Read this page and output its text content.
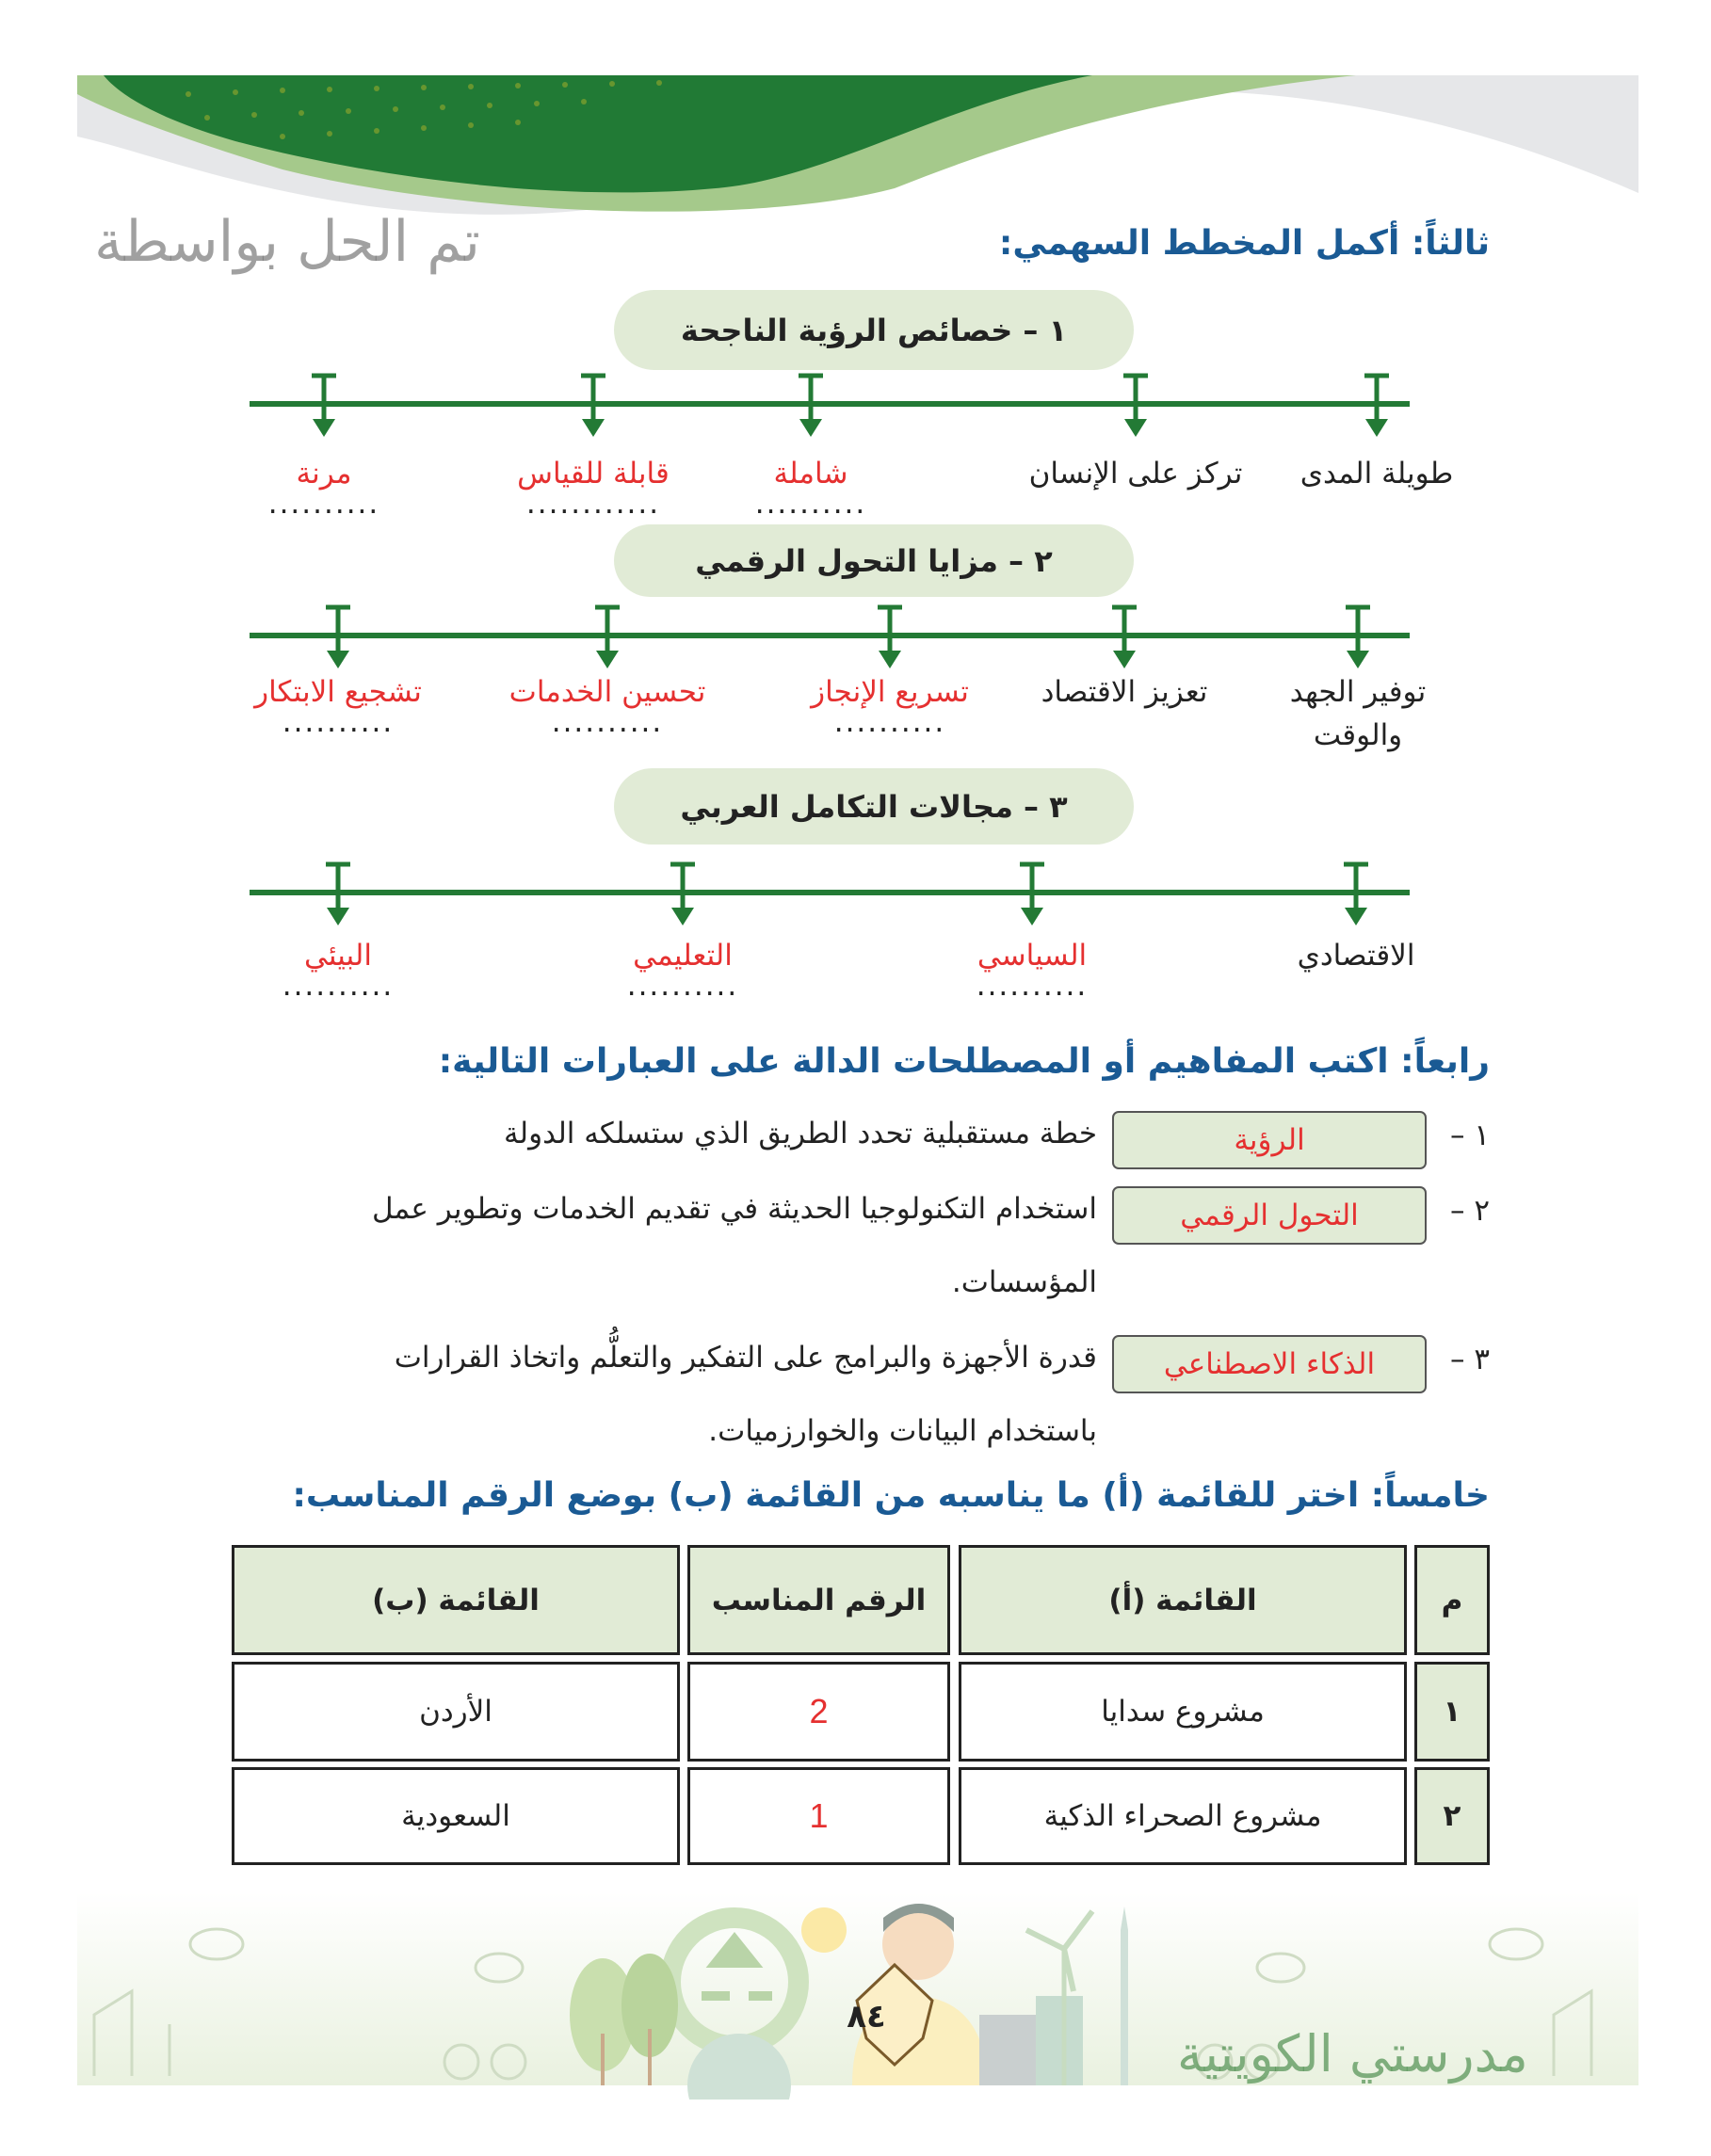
ثالثاً: أكمل المخطط السهمي:
تم الحل بواسطة
١ – خصائص الرؤية الناجحة
٢ – مزايا التحول الرقمي
٣ – مجالات التكامل العربي
طويلة المدى
تركز على الإنسان
شاملة
..........
قابلة للقياس
............
مرنة
..........
توفير الجهد
والوقت
تعزيز الاقتصاد
تسريع الإنجاز
..........
تحسين الخدمات
..........
تشجيع الابتكار
..........
الاقتصادي
السياسي
..........
التعليمي
..........
البيئي
..........
رابعاً: اكتب المفاهيم أو المصطلحات الدالة على العبارات التالية:
١ –
الرؤية
خطة مستقبلية تحدد الطريق الذي ستسلكه الدولة
٢ –
التحول الرقمي
استخدام التكنولوجيا الحديثة في تقديم الخدمات وتطوير عمل
المؤسسات.
٣ –
الذكاء الاصطناعي
قدرة الأجهزة والبرامج على التفكير والتعلُّم واتخاذ القرارات
باستخدام البيانات والخوارزميات.
خامساً: اختر للقائمة (أ) ما يناسبه من القائمة (ب) بوضع الرقم المناسب:
م
القائمة (أ)
الرقم المناسب
القائمة (ب)
١
مشروع سدايا
2
الأردن
٢
مشروع الصحراء الذكية
1
السعودية
٨٤
مدرستي الكويتية
